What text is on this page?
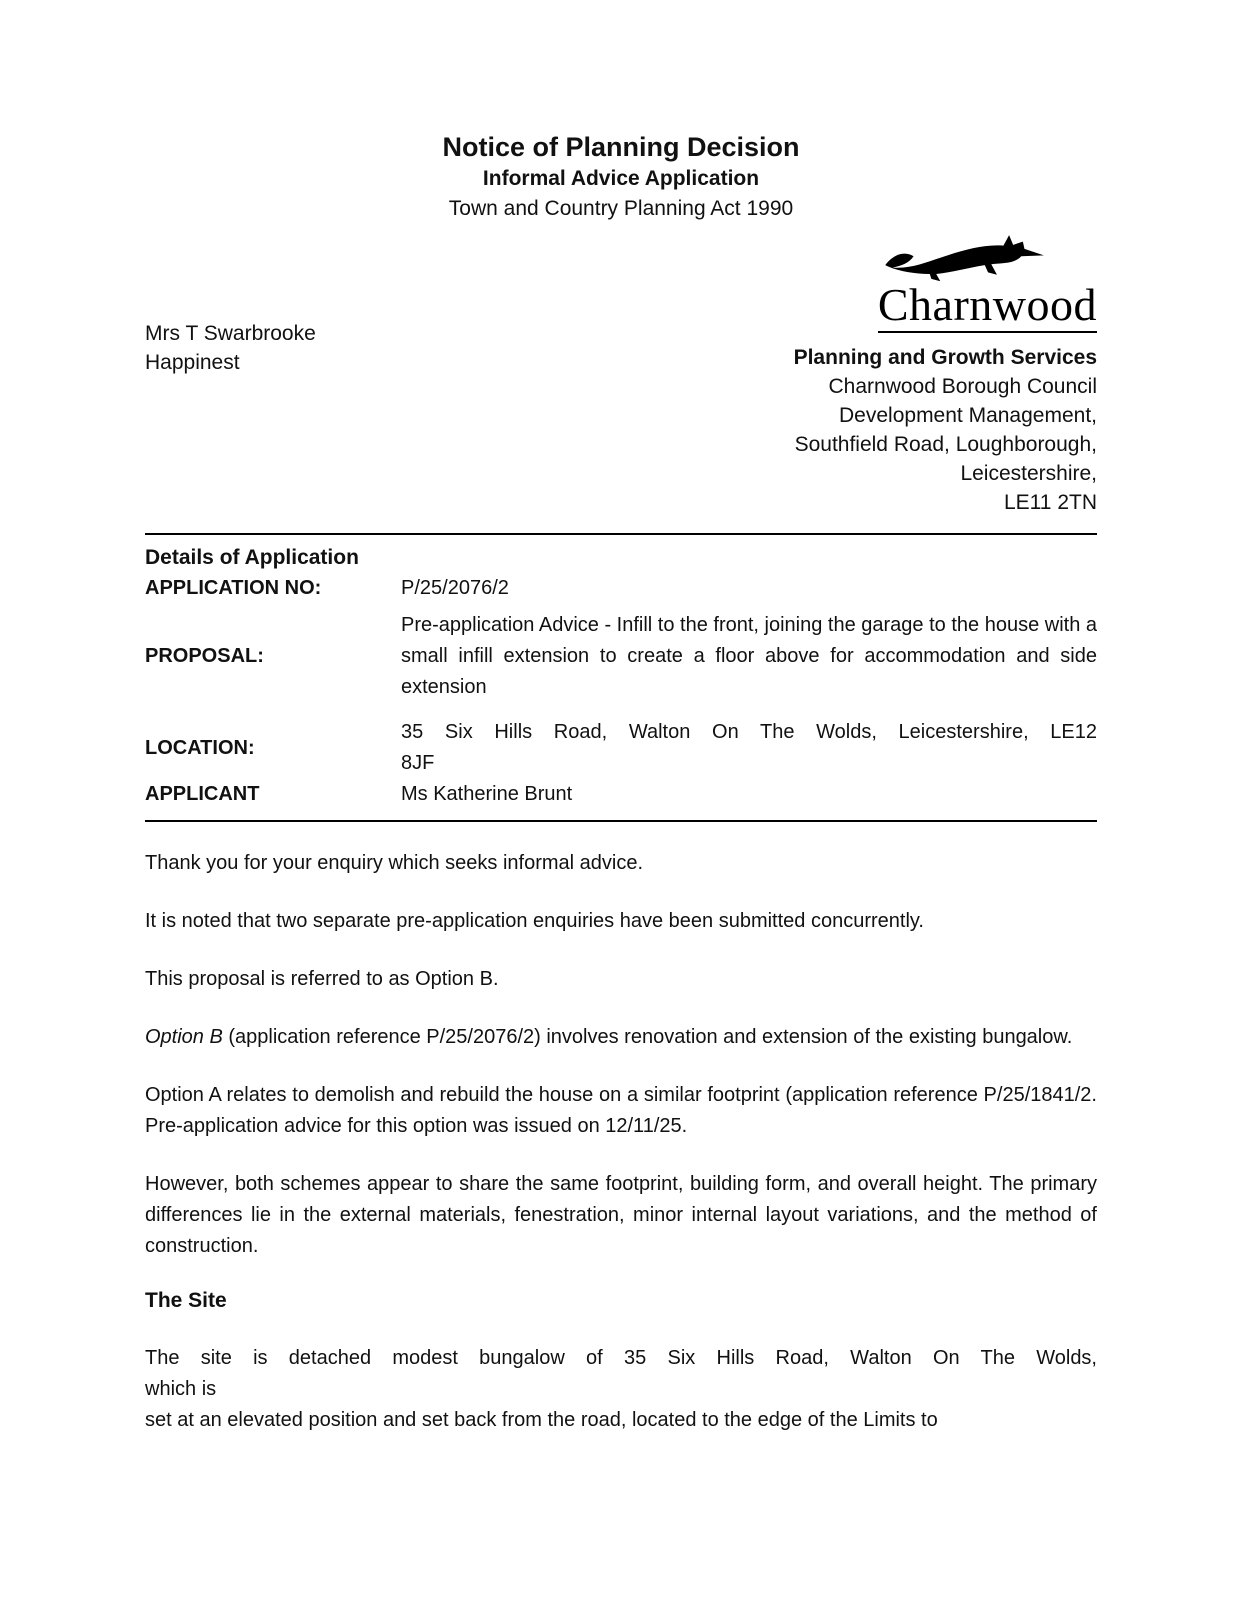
Notice of Planning Decision
Informal Advice Application
Town and Country Planning Act 1990
Mrs T Swarbrooke
Happinest
Charnwood
Planning and Growth Services
Charnwood Borough Council
Development Management,
Southfield Road, Loughborough,
Leicestershire,
LE11 2TN
Details of Application
APPLICATION NO:	P/25/2076/2
PROPOSAL:	Pre-application Advice - Infill to the front, joining the garage to the house with a small infill extension to create a floor above for accommodation and side extension
LOCATION:	35 Six Hills Road, Walton On The Wolds, Leicestershire, LE12
8JF

APPLICANT	Ms Katherine Brunt

Thank you for your enquiry which seeks informal advice.

It is noted that two separate pre-application enquiries have been submitted concurrently.

This proposal is referred to as Option B.

Option B (application reference P/25/2076/2) involves renovation and extension of the existing bungalow.

Option A relates to demolish and rebuild the house on a similar footprint (application reference P/25/1841/2. Pre-application advice for this option was issued on 12/11/25.

However, both schemes appear to share the same footprint, building form, and overall height. The primary differences lie in the external materials, fenestration, minor internal layout variations, and the method of construction.

The Site
The site is detached modest bungalow of 35 Six Hills Road, Walton On The Wolds,
which is
set at an elevated position and set back from the road, located to the edge of the Limits to
